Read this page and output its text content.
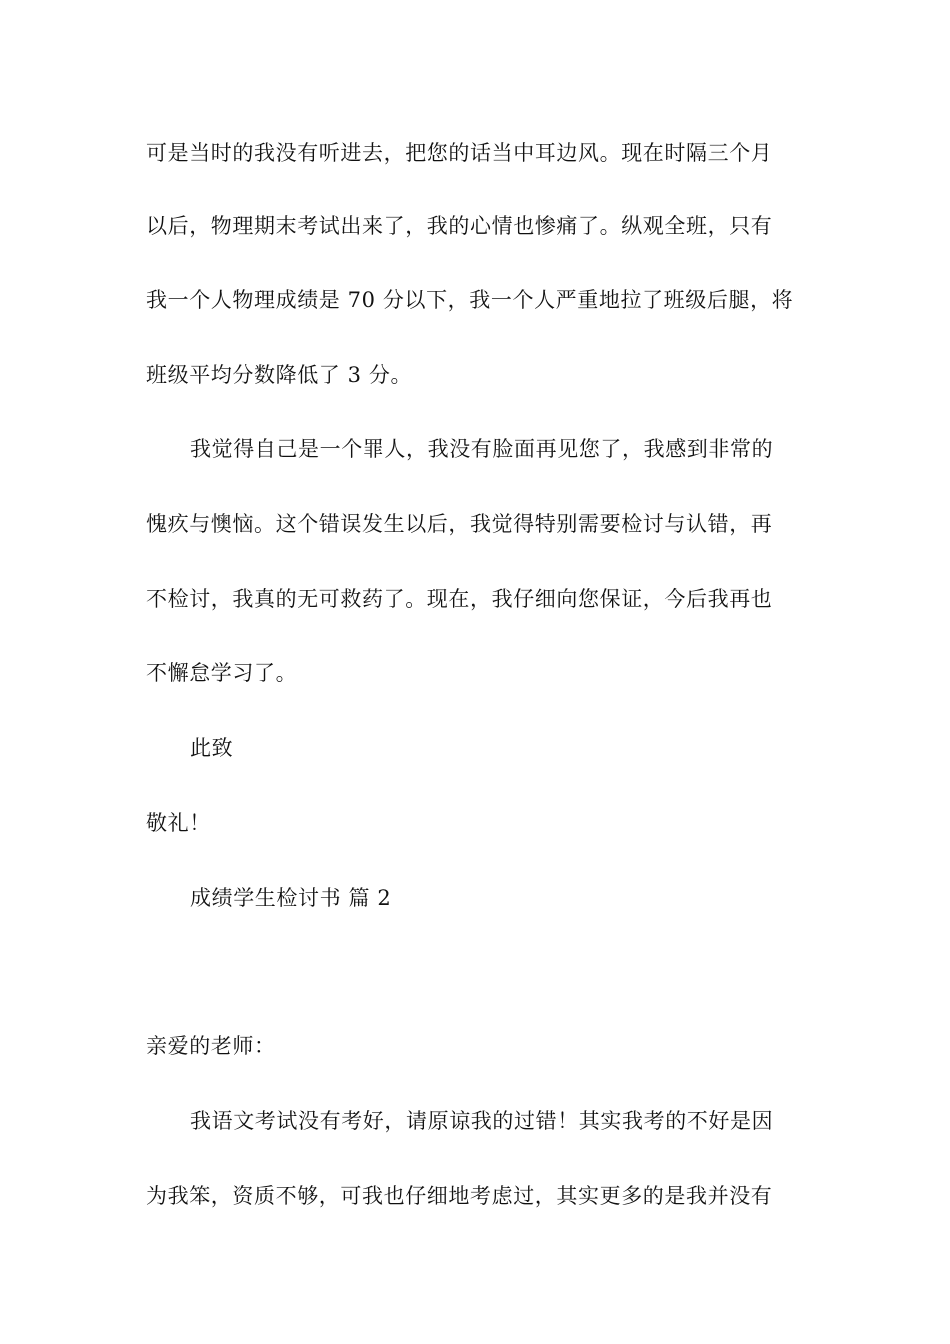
可是当时的我没有听进去，把您的话当中耳边风。现在时隔三个月
以后，物理期末考试出来了，我的心情也惨痛了。纵观全班，只有
我一个人物理成绩是 70 分以下，我一个人严重地拉了班级后腿，将
班级平均分数降低了 3 分。
我觉得自己是一个罪人，我没有脸面再见您了，我感到非常的
愧疚与懊恼。这个错误发生以后，我觉得特别需要检讨与认错，再
不检讨，我真的无可救药了。现在，我仔细向您保证，今后我再也
不懈怠学习了。
此致
敬礼！
成绩学生检讨书 篇 2
亲爱的老师：
我语文考试没有考好，请原谅我的过错！其实我考的不好是因
为我笨，资质不够，可我也仔细地考虑过，其实更多的是我并没有
